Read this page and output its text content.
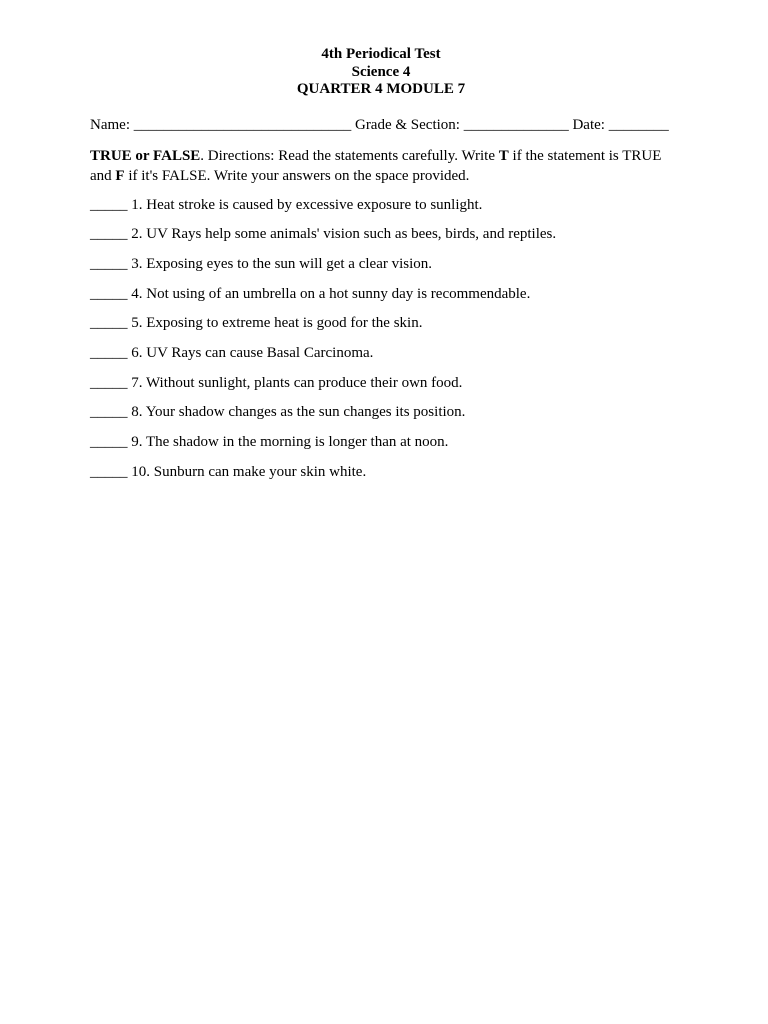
4th Periodical Test
Science 4
QUARTER 4 MODULE 7
Name: _____________________________ Grade & Section: ______________ Date: ________
TRUE or FALSE. Directions: Read the statements carefully. Write T if the statement is TRUE and F if it's FALSE. Write your answers on the space provided.
_____ 1. Heat stroke is caused by excessive exposure to sunlight.
_____ 2. UV Rays help some animals' vision such as bees, birds, and reptiles.
_____ 3. Exposing eyes to the sun will get a clear vision.
_____ 4. Not using of an umbrella on a hot sunny day is recommendable.
_____ 5. Exposing to extreme heat is good for the skin.
_____ 6. UV Rays can cause Basal Carcinoma.
_____ 7. Without sunlight, plants can produce their own food.
_____ 8. Your shadow changes as the sun changes its position.
_____ 9. The shadow in the morning is longer than at noon.
_____ 10. Sunburn can make your skin white.
